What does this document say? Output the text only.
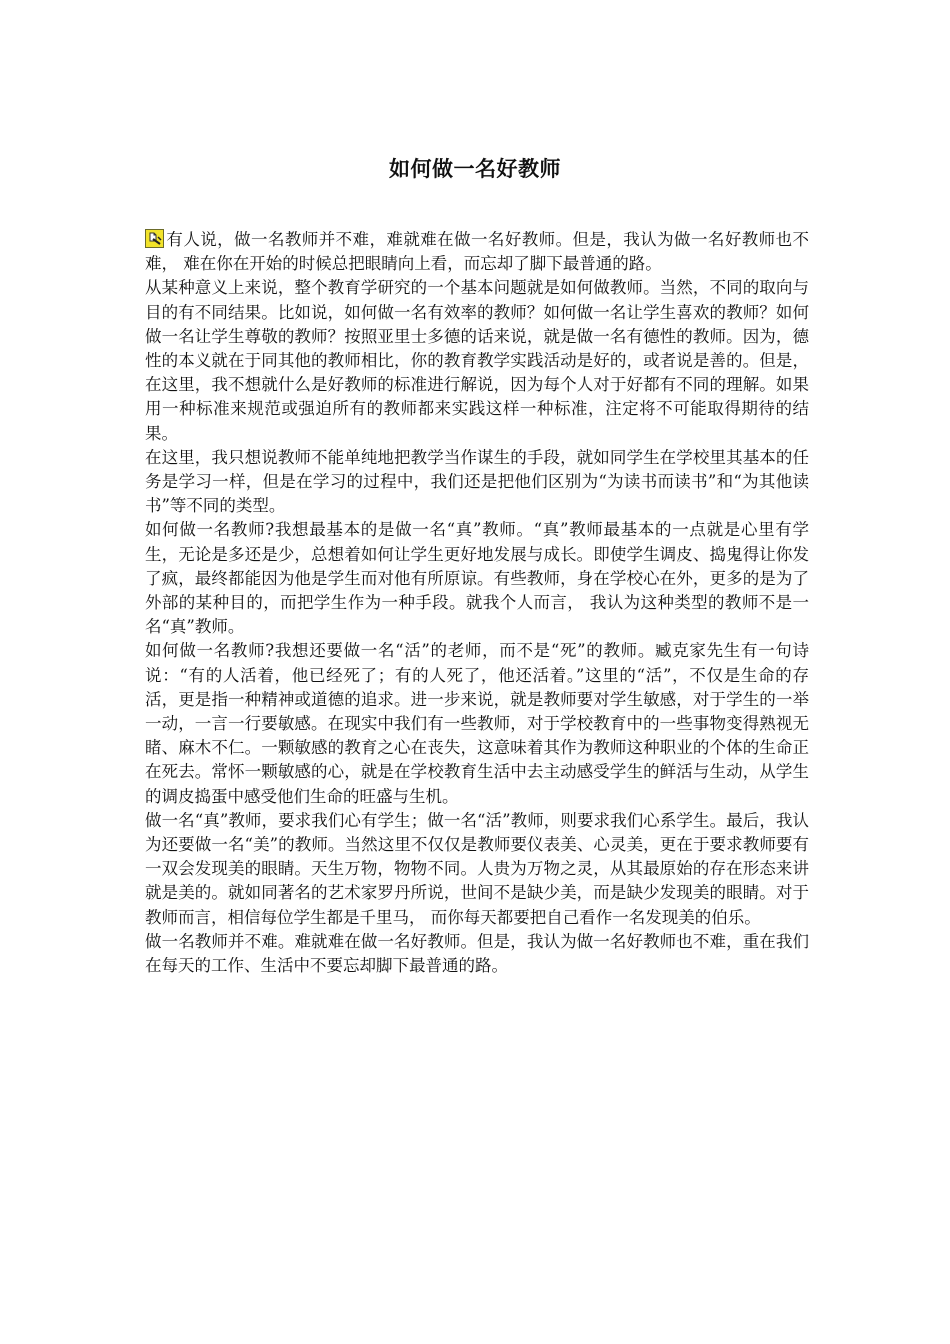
如何做一名好教师

有人说，做一名教师并不难，难就难在做一名好教师。但是，我认为做一名好教师也不难， 难在你在开始的时候总把眼睛向上看，而忘却了脚下最普通的路。

从某种意义上来说，整个教育学研究的一个基本问题就是如何做教师。当然，不同的取向与目的有不同结果。比如说，如何做一名有效率的教师？如何做一名让学生喜欢的教师？如何做一名让学生尊敬的教师？按照亚里士多德的话来说，就是做一名有德性的教师。因为，德性的本义就在于同其他的教师相比，你的教育教学实践活动是好的，或者说是善的。但是，在这里，我不想就什么是好教师的标准进行解说，因为每个人对于好都有不同的理解。如果用一种标准来规范或强迫所有的教师都来实践这样一种标准，注定将不可能取得期待的结果。

在这里，我只想说教师不能单纯地把教学当作谋生的手段，就如同学生在学校里其基本的任务是学习一样，但是在学习的过程中，我们还是把他们区别为“为读书而读书”和“为其他读书”等不同的类型。

如何做一名教师?我想最基本的是做一名“真”教师。“真”教师最基本的一点就是心里有学生，无论是多还是少，总想着如何让学生更好地发展与成长。即使学生调皮、捣鬼得让你发了疯，最终都能因为他是学生而对他有所原谅。有些教师，身在学校心在外，更多的是为了外部的某种目的，而把学生作为一种手段。就我个人而言， 我认为这种类型的教师不是一名“真”教师。

如何做一名教师?我想还要做一名“活”的老师，而不是“死”的教师。臧克家先生有一句诗说：“有的人活着，他已经死了；有的人死了，他还活着。”这里的“活”，不仅是生命的存活，更是指一种精神或道德的追求。进一步来说，就是教师要对学生敏感，对于学生的一举一动，一言一行要敏感。在现实中我们有一些教师，对于学校教育中的一些事物变得熟视无睹、麻木不仁。一颗敏感的教育之心在丧失，这意味着其作为教师这种职业的个体的生命正在死去。常怀一颗敏感的心，就是在学校教育生活中去主动感受学生的鲜活与生动，从学生的调皮捣蛋中感受他们生命的旺盛与生机。

做一名“真”教师，要求我们心有学生；做一名“活”教师，则要求我们心系学生。最后，我认为还要做一名“美”的教师。当然这里不仅仅是教师要仪表美、心灵美，更在于要求教师要有一双会发现美的眼睛。天生万物，物物不同。人贵为万物之灵，从其最原始的存在形态来讲就是美的。就如同著名的艺术家罗丹所说，世间不是缺少美，而是缺少发现美的眼睛。对于教师而言，相信每位学生都是千里马， 而你每天都要把自己看作一名发现美的伯乐。

做一名教师并不难。难就难在做一名好教师。但是，我认为做一名好教师也不难，重在我们在每天的工作、生活中不要忘却脚下最普通的路。
